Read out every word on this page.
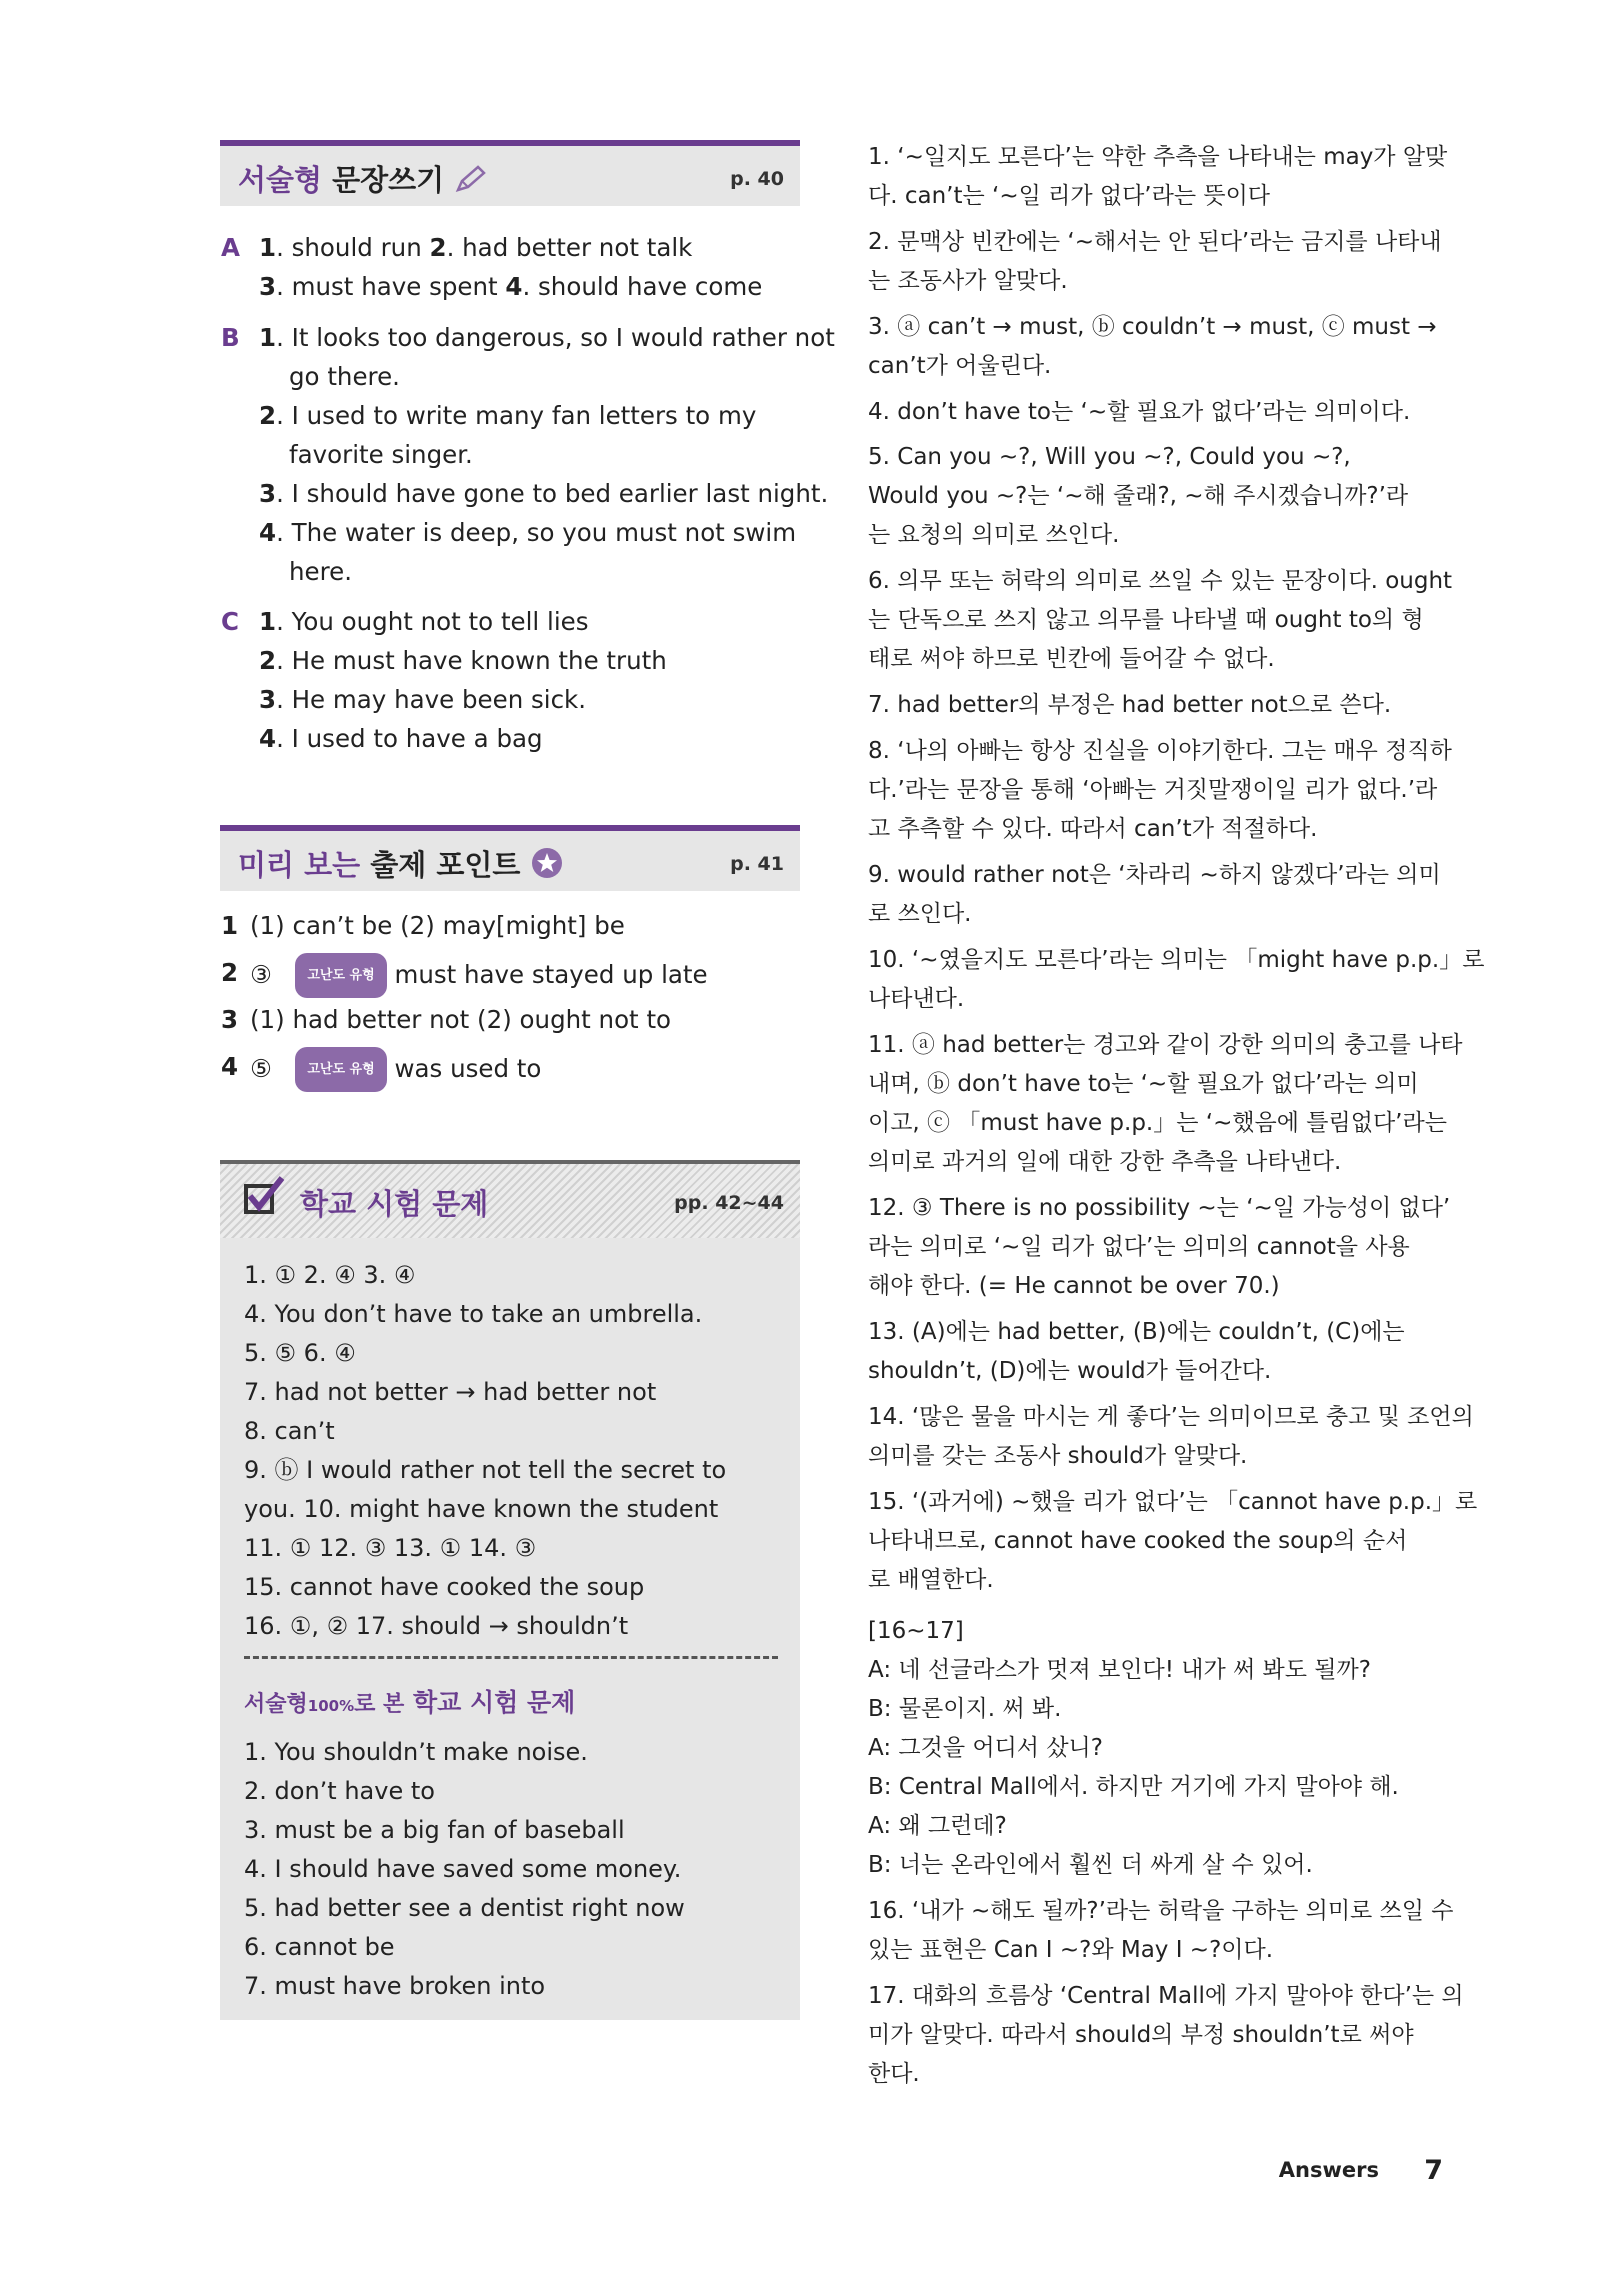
서술형 문장쓰기	p. 40
A 1. should run 2. had better not talk
3. must have spent 4. should have come
B 1. It looks too dangerous, so I would rather not
go there.
2. I used to write many fan letters to my
favorite singer.
3. I should have gone to bed earlier last night.
4. The water is deep, so you must not swim
here.
C 1. You ought not to tell lies
2. He must have known the truth
3. He may have been sick.
4. I used to have a bag
미리 보는 출제 포인트	p. 41
1 (1) can’t be (2) may[might] be
2 ③	고난도 유형 must have stayed up late
3 (1) had better not (2) ought not to
4 ⑤	고난도 유형 was used to
학교 시험 문제	pp. 42~44
1. ① 2. ④ 3. ④
4. You don’t have to take an umbrella.
5. ⑤ 6. ④
7. had not better → had better not
8. can’t
9. ⓑ I would rather not tell the secret to
you. 10. might have known the student
11. ① 12. ③ 13. ① 14. ③
15. cannot have cooked the soup
16. ①, ② 17. should → shouldn’t
서술형100%로 본 학교 시험 문제
1. You shouldn’t make noise.
2. don’t have to
3. must be a big fan of baseball
4. I should have saved some money.
5. had better see a dentist right now
6. cannot be
7. must have broken into
1. ‘~일지도 모른다’는 약한 추측을 나타내는 may가 알맞
다. can’t는 ‘~일 리가 없다’라는 뜻이다
2. 문맥상 빈칸에는 ‘~해서는 안 된다’라는 금지를 나타내
는 조동사가 알맞다.
3. ⓐ can’t → must, ⓑ couldn’t → must, ⓒ must →
can’t가 어울린다.
4. don’t have to는 ‘~할 필요가 없다’라는 의미이다.
5. Can you ~?, Will you ~?, Could you ~?,
Would you ~?는 ‘~해 줄래?, ~해 주시겠습니까?’라
는 요청의 의미로 쓰인다.
6. 의무 또는 허락의 의미로 쓰일 수 있는 문장이다. ought
는 단독으로 쓰지 않고 의무를 나타낼 때 ought to의 형
태로 써야 하므로 빈칸에 들어갈 수 없다.
7. had better의 부정은 had better not으로 쓴다.
8. ‘나의 아빠는 항상 진실을 이야기한다. 그는 매우 정직하
다.’라는 문장을 통해 ‘아빠는 거짓말쟁이일 리가 없다.’라
고 추측할 수 있다. 따라서 can’t가 적절하다.
9. would rather not은 ‘차라리 ~하지 않겠다’라는 의미
로 쓰인다.
10. ‘~였을지도 모른다’라는 의미는 「might have p.p.」로
나타낸다.
11. ⓐ had better는 경고와 같이 강한 의미의 충고를 나타
내며, ⓑ don’t have to는 ‘~할 필요가 없다’라는 의미
이고, ⓒ 「must have p.p.」는 ‘~했음에 틀림없다’라는
의미로 과거의 일에 대한 강한 추측을 나타낸다.
12. ③ There is no possibility ~는 ‘~일 가능성이 없다’
라는 의미로 ‘~일 리가 없다’는 의미의 cannot을 사용
해야 한다. (= He cannot be over 70.)
13. (A)에는 had better, (B)에는 couldn’t, (C)에는
shouldn’t, (D)에는 would가 들어간다.
14. ‘많은 물을 마시는 게 좋다’는 의미이므로 충고 및 조언의
의미를 갖는 조동사 should가 알맞다.
15. ‘(과거에) ~했을 리가 없다’는 「cannot have p.p.」로
나타내므로, cannot have cooked the soup의 순서
로 배열한다.
[16~17]
A: 네 선글라스가 멋져 보인다! 내가 써 봐도 될까?
B: 물론이지. 써 봐.
A: 그것을 어디서 샀니?
B: Central Mall에서. 하지만 거기에 가지 말아야 해.
A: 왜 그런데?
B: 너는 온라인에서 훨씬 더 싸게 살 수 있어.
16. ‘내가 ~해도 될까?’라는 허락을 구하는 의미로 쓰일 수
있는 표현은 Can I ~?와 May I ~?이다.
17. 대화의 흐름상 ‘Central Mall에 가지 말아야 한다’는 의
미가 알맞다. 따라서 should의 부정 shouldn’t로 써야
한다.
Answers 7
